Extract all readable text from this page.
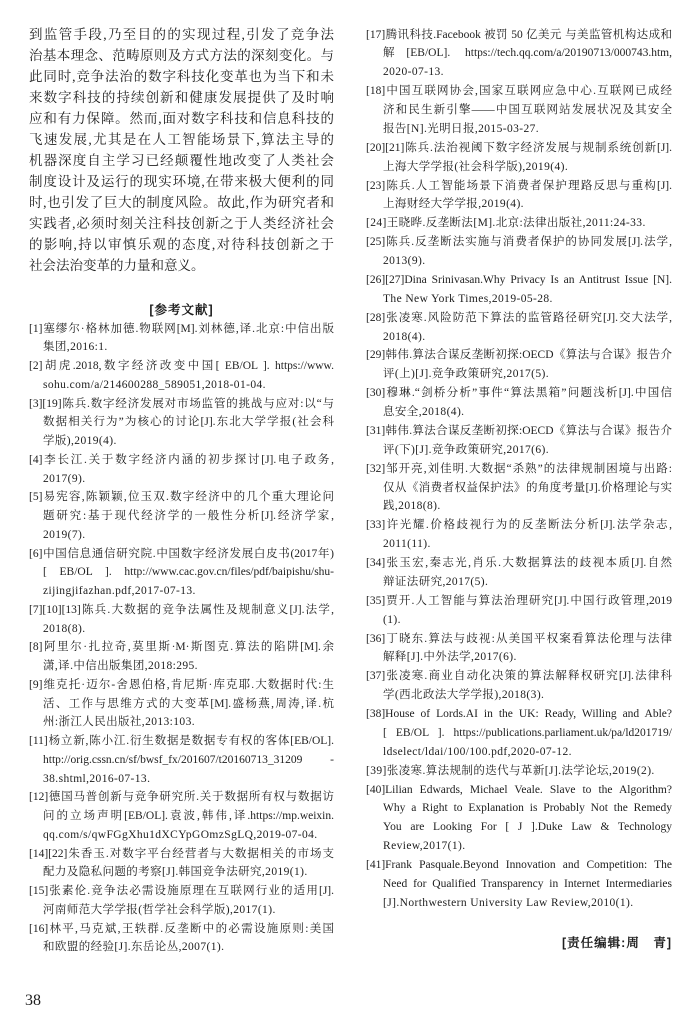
到监管手段,乃至目的的实现过程,引发了竞争法
治基本理念、范畴原则及方式方法的深刻变化。与
此同时,竞争法治的数字科技化变革也为当下和未
来数字科技的持续创新和健康发展提供了及时响
应和有力保障。然而,面对数字科技和信息科技的
飞速发展,尤其是在人工智能场景下,算法主导的
机器深度自主学习已经颠覆性地改变了人类社会
制度设计及运行的现实环境,在带来极大便利的同
时,也引发了巨大的制度风险。故此,作为研究者和
实践者,必须时刻关注科技创新之于人类经济社会
的影响,持以审慎乐观的态度,对待科技创新之于
社会法治变革的力量和意义。
[参考文献]
[1]塞缪尔·格林加德.物联网[M].刘林德,译.北京:中信出版
集团,2016:1.
[2]胡虎.2018,数字经济改变中国[ EB/OL ]. https://www.
sohu.com/a/214600288_589051,2018-01-04.
[3][19]陈兵.数字经济发展对市场监管的挑战与应对:以“与
数据相关行为”为核心的讨论[J].东北大学学报(社会科
学版),2019(4).
[4]李长江.关于数字经济内涵的初步探讨[J].电子政务,
2017(9).
[5]易宪容,陈颖颖,位玉双.数字经济中的几个重大理论问
题研究:基于现代经济学的一般性分析[J].经济学家,
2019(7).
[6]中国信息通信研究院.中国数字经济发展白皮书(2017年)
[ EB/OL ]. http://www.cac.gov.cn/files/pdf/baipishu/shu-
zijingjifazhan.pdf,2017-07-13.
[7][10][13]陈兵.大数据的竞争法属性及规制意义[J].法学,
2018(8).
[8]阿里尔·扎拉奇,莫里斯·M·斯图克.算法的陷阱[M].余
潇,译.中信出版集团,2018:295.
[9]维克托·迈尔-舍恩伯格,肯尼斯·库克耶.大数据时代:生
活、工作与思维方式的大变革[M].盛杨燕,周涛,译.杭
州:浙江人民出版社,2013:103.
[11]杨立新,陈小江.衍生数据是数据专有权的客体[EB/OL].
http://orig.cssn.cn/sf/bwsf_fx/201607/t20160713_31209 -
38.shtml,2016-07-13.
[12]德国马普创新与竞争研究所.关于数据所有权与数据访
问的立场声明[EB/OL].袁波,韩伟,译.https://mp.weixin.
qq.com/s/qwFGgXhu1dXCYpGOmzSgLQ,2019-07-04.
[14][22]朱香玉.对数字平台经营者与大数据相关的市场支
配力及隐私问题的考察[J].韩国竞争法研究,2019(1).
[15]张素伦.竞争法必需设施原理在互联网行业的适用[J].
河南师范大学学报(哲学社会科学版),2017(1).
[16]林平,马克斌,王轶群.反垄断中的必需设施原则:美国
和欧盟的经验[J].东岳论丛,2007(1).
[17]腾讯科技.Facebook 被罚 50 亿美元 与美监管机构达成和
解[EB/OL]. https://tech.qq.com/a/20190713/000743.htm,
2020-07-13.
[18]中国互联网协会,国家互联网应急中心.互联网已成经
济和民生新引擎——中国互联网站发展状况及其安全
报告[N].光明日报,2015-03-27.
[20][21]陈兵.法治视阈下数字经济发展与规制系统创新[J].
上海大学学报(社会科学版),2019(4).
[23]陈兵.人工智能场景下消费者保护理路反思与重构[J].
上海财经大学学报,2019(4).
[24]王晓晔.反垄断法[M].北京:法律出版社,2011:24-33.
[25]陈兵.反垄断法实施与消费者保护的协同发展[J].法学,
2013(9).
[26][27]Dina Srinivasan.Why Privacy Is an Antitrust Issue [N].
The New York Times,2019-05-28.
[28]张凌寒.风险防范下算法的监管路径研究[J].交大法学,
2018(4).
[29]韩伟.算法合谋反垄断初探:OECD《算法与合谋》报告介
评(上)[J].竞争政策研究,2017(5).
[30]穆琳.“剑桥分析”事件“算法黑箱”问题浅析[J].中国信
息安全,2018(4).
[31]韩伟.算法合谋反垄断初探:OECD《算法与合谋》报告介
评(下)[J].竞争政策研究,2017(6).
[32]邹开亮,刘佳明.大数据“杀熟”的法律规制困境与出路:
仅从《消费者权益保护法》的角度考量[J].价格理论与实
践,2018(8).
[33]许光耀.价格歧视行为的反垄断法分析[J].法学杂志,
2011(11).
[34]张玉宏,秦志光,肖乐.大数据算法的歧视本质[J].自然
辩证法研究,2017(5).
[35]贾开.人工智能与算法治理研究[J].中国行政管理,2019
(1).
[36]丁晓东.算法与歧视:从美国平权案看算法伦理与法律
解释[J].中外法学,2017(6).
[37]张凌寒.商业自动化决策的算法解释权研究[J].法律科
学(西北政法大学学报),2018(3).
[38]House of Lords.AI in the UK: Ready, Willing and Able?
[ EB/OL ]. https://publications.parliament.uk/pa/ld201719/
ldselect/ldai/100/100.pdf,2020-07-12.
[39]张凌寒.算法规制的迭代与革新[J].法学论坛,2019(2).
[40]Lilian Edwards, Michael Veale. Slave to the Algorithm?
Why a Right to Explanation is Probably Not the Remedy
You are Looking For [ J ].Duke Law & Technology
Review,2017(1).
[41]Frank Pasquale.Beyond Innovation and Competition: The
Need for Qualified Transparency in Internet Intermediaries
[J].Northwestern University Law Review,2010(1).
[责任编辑:周　青]
38
